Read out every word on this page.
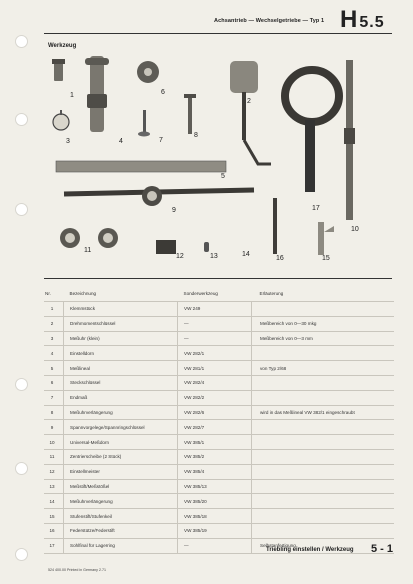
Achsantrieb — Wechselgetriebe — Typ 1 H 5.5
Werkzeug
1
2
3	4
5
6
7
8
9
10
11
12	13	14
15
16
17
Nr.	Bezeichnung	Sonderwerkzeug	Erläuterung
1	Klemmstück	VW 249	
2	Drehmomentschlüssel	—	Meßbereich von 0—30 mkg
3	Meßuhr (klein)	—	Meßbereich von 0—3 mm
4	Einstelldorn	VW 282/1	
5	Meßlineal	VW 281/1	von Typ 2/68
6	Steckschlüssel	VW 282/4	
7	Endmaß	VW 282/2	
8	Meßuhrverlängerung	VW 282/6	wird in das Meßlineal VW 382/1 eingeschraubt
9	Spannvorgelege/Spannringschlüssel	VW 282/7	
10	Universal-Meßdorn	VW 385/1	
11	Zentrierscheibe (2 Stück)	VW 385/2	
12	Einstellmeister	VW 385/4	
13	Meßstift/Meßstößel	VW 385/13	
14	Meßuhrverlängerung	VW 385/20	
15	Stufenstift/Stufenkeil	VW 385/18	
16	Federstütze/Federstift	VW 385/19	
17	Sohlfinal für Lagerring	—	Selbstanfertigung
Triebling einstellen / Werkzeug 5 - 1
524 400.00 Printed in Germany 2.71
